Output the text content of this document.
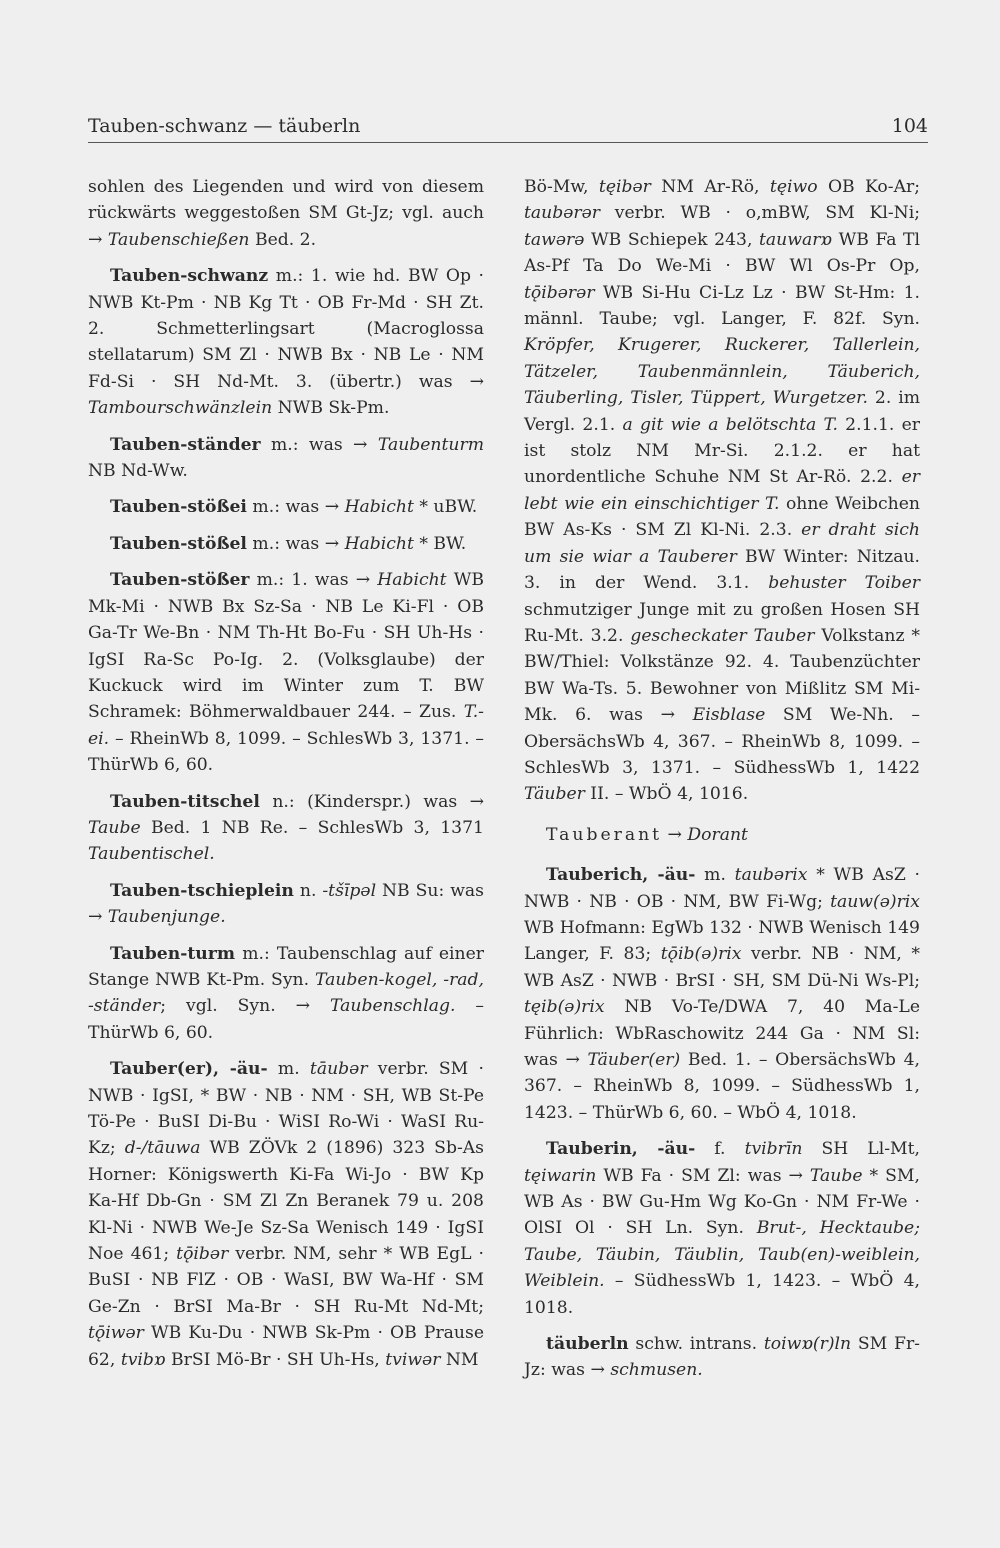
Tauben-schwanz — täuberln	104

sohlen des Liegenden und wird von diesem rückwärts weggestoßen SM Gt-Jz; vgl. auch → Taubenschießen Bed. 2.

Tauben-schwanz m.: 1. wie hd. BW Op · NWB Kt-Pm · NB Kg Tt · OB Fr-Md · SH Zt. 2. Schmetterlingsart (Macroglossa stellatarum) SM Zl · NWB Bx · NB Le · NM Fd-Si · SH Nd-Mt. 3. (übertr.) was → Tambourschwänzlein NWB Sk-Pm.

Tauben-ständer m.: was → Taubenturm NB Nd-Ww.

Tauben-stößei m.: was → Habicht * uBW.

Tauben-stößel m.: was → Habicht * BW.

Tauben-stößer m.: 1. was → Habicht WB Mk-Mi · NWB Bx Sz-Sa · NB Le Ki-Fl · OB Ga-Tr We-Bn · NM Th-Ht Bo-Fu · SH Uh-Hs · IgSI Ra-Sc Po-Ig. 2. (Volksglaube) der Kuckuck wird im Winter zum T. BW Schramek: Böhmerwaldbauer 244. – Zus. T.-ei. – RheinWb 8, 1099. – SchlesWb 3, 1371. – ThürWb 6, 60.

Tauben-titschel n.: (Kinderspr.) was → Taube Bed. 1 NB Re. – SchlesWb 3, 1371 Taubentischel.

Tauben-tschieplein n. -tšīpəl NB Su: was → Taubenjunge.

Tauben-turm m.: Taubenschlag auf einer Stange NWB Kt-Pm. Syn. Tauben-kogel, -rad, -ständer; vgl. Syn. → Taubenschlag. – ThürWb 6, 60.

Tauber(er), -äu- m. tāubər verbr. SM · NWB · IgSI, * BW · NB · NM · SH, WB St-Pe Tö-Pe · BuSI Di-Bu · WiSI Ro-Wi · WaSI Ru-Kz; d-/tāuwa WB ZÖVk 2 (1896) 323 Sb-As Horner: Königswerth Ki-Fa Wi-Jo · BW Kp Ka-Hf Db-Gn · SM Zl Zn Beranek 79 u. 208 Kl-Ni · NWB We-Je Sz-Sa Wenisch 149 · IgSI Noe 461; tǭibər verbr. NM, sehr * WB EgL · BuSI · NB FlZ · OB · WaSI, BW Wa-Hf · SM Ge-Zn · BrSI Ma-Br · SH Ru-Mt Nd-Mt; tǭiwər WB Ku-Du · NWB Sk-Pm · OB Prause 62, tvibɒ BrSI Mö-Br · SH Uh-Hs, tviwər NM

Bö-Mw, tęibər NM Ar-Rö, tęiwo OB Ko-Ar; taubərər verbr. WB · o,mBW, SM Kl-Ni; tawərə WB Schiepek 243, tauwarɒ WB Fa Tl As-Pf Ta Do We-Mi · BW Wl Os-Pr Op, tǭibərər WB Si-Hu Ci-Lz Lz · BW St-Hm: 1. männl. Taube; vgl. Langer, F. 82f. Syn. Kröpfer, Krugerer, Ruckerer, Tallerlein, Tätzeler, Taubenmännlein, Täuberich, Täuberling, Tisler, Tüppert, Wurgetzer. 2. im Vergl. 2.1. a git wie a belötschta T. 2.1.1. er ist stolz NM Mr-Si. 2.1.2. er hat unordentliche Schuhe NM St Ar-Rö. 2.2. er lebt wie ein einschichtiger T. ohne Weibchen BW As-Ks · SM Zl Kl-Ni. 2.3. er draht sich um sie wiar a Tauberer BW Winter: Nitzau. 3. in der Wend. 3.1. behuster Toiber schmutziger Junge mit zu großen Hosen SH Ru-Mt. 3.2. gescheckater Tauber Volkstanz * BW/Thiel: Volkstänze 92. 4. Taubenzüchter BW Wa-Ts. 5. Bewohner von Mißlitz SM Mi-Mk. 6. was → Eisblase SM We-Nh. – ObersächsWb 4, 367. – RheinWb 8, 1099. – SchlesWb 3, 1371. – SüdhessWb 1, 1422 Täuber II. – WbÖ 4, 1016.

Tauberant → Dorant

Tauberich, -äu- m. taubərix * WB AsZ · NWB · NB · OB · NM, BW Fi-Wg; tauw(ə)rix WB Hofmann: EgWb 132 · NWB Wenisch 149 Langer, F. 83; tǭib(ə)rix verbr. NB · NM, * WB AsZ · NWB · BrSI · SH, SM Dü-Ni Ws-Pl; tęib(ə)rix NB Vo-Te/DWA 7, 40 Ma-Le Führlich: WbRaschowitz 244 Ga · NM Sl: was → Täuber(er) Bed. 1. – ObersächsWb 4, 367. – RheinWb 8, 1099. – SüdhessWb 1, 1423. – ThürWb 6, 60. – WbÖ 4, 1018.

Tauberin, -äu- f. tvibrīn SH Ll-Mt, tęiwarin WB Fa · SM Zl: was → Taube * SM, WB As · BW Gu-Hm Wg Ko-Gn · NM Fr-We · OlSI Ol · SH Ln. Syn. Brut-, Hecktaube; Taube, Täubin, Täublin, Taub(en)-weiblein, Weiblein. – SüdhessWb 1, 1423. – WbÖ 4, 1018.

täuberln schw. intrans. toiwɒ(r)ln SM Fr-Jz: was → schmusen.
